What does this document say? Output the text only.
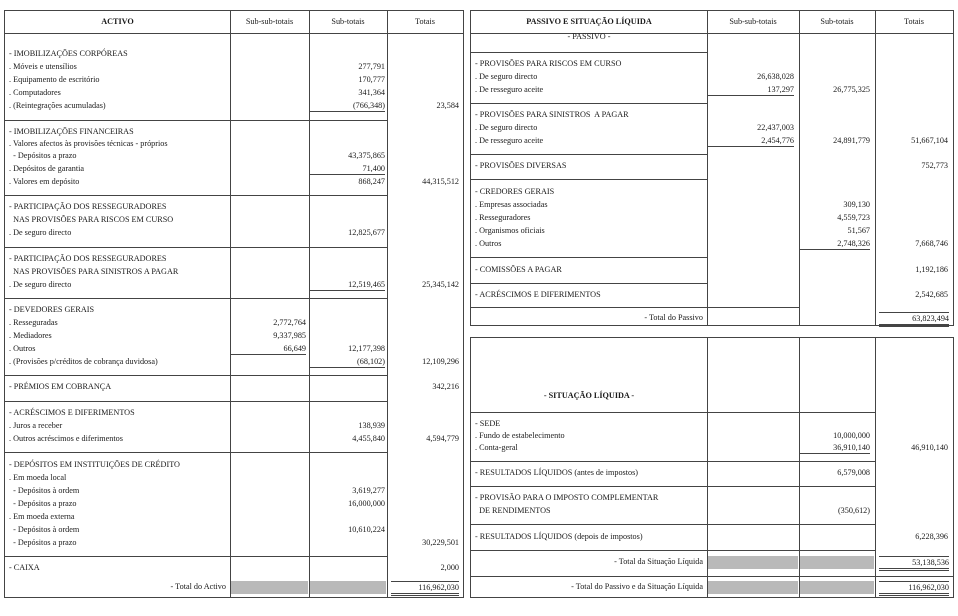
ACTIVO	Sub-sub-totais	Sub-totais	Totais
- IMOBILIZAÇÕES CORPÓREAS
. Móveis e utensílios	277,791
. Equipamento de escritório	170,777
. Computadores	341,364
. (Reintegrações acumuladas)	(766,348)	23,584
- IMOBILIZAÇÕES FINANCEIRAS
. Valores afectos às provisões técnicas - próprios
- Depósitos a prazo	43,375,865
. Depósitos de garantia	71,400
. Valores em depósito	868,247	44,315,512
- PARTICIPAÇÃO DOS RESSEGURADORES
NAS PROVISÕES PARA RISCOS EM CURSO
. De seguro directo	12,825,677
- PARTICIPAÇÃO DOS RESSEGURADORES
NAS PROVISÕES PARA SINISTROS A PAGAR
. De seguro directo	12,519,465	25,345,142
- DEVEDORES GERAIS
. Resseguradas	2,772,764
. Mediadores	9,337,985
. Outros	66,649	12,177,398
. (Provisões p/créditos de cobrança duvidosa)	(68,102)	12,109,296
- PRÉMIOS EM COBRANÇA	342,216
- ACRÉSCIMOS E DIFERIMENTOS
. Juros a receber	138,939
. Outros acréscimos e diferimentos	4,455,840	4,594,779
- DEPÓSITOS EM INSTITUIÇÕES DE CRÉDITO
. Em moeda local
- Depósitos à ordem	3,619,277
- Depósitos a prazo	16,000,000
. Em moeda externa
- Depósitos à ordem	10,610,224
- Depósitos a prazo	30,229,501
- CAIXA	2,000
- Total do Activo	116,962,030
PASSIVO E SITUAÇÃO LÍQUIDA	Sub-sub-totais	Sub-totais	Totais
- PASSIVO -
- PROVISÕES PARA RISCOS EM CURSO
. De seguro directo	26,638,028
. De resseguro aceite	137,297	26,775,325
- PROVISÕES PARA SINISTROS  A PAGAR
. De seguro directo	22,437,003
. De resseguro aceite	2,454,776	24,891,779	51,667,104
- PROVISÕES DIVERSAS	752,773
- CREDORES GERAIS
. Empresas associadas	309,130
. Resseguradores	4,559,723
. Organismos oficiais	51,567
. Outros	2,748,326	7,668,746
- COMISSÕES A PAGAR	1,192,186
- ACRÉSCIMOS E DIFERIMENTOS	2,542,685
- Total do Passivo	63,823,494
- SITUAÇÃO LÍQUIDA -
- SEDE
. Fundo de estabelecimento	10,000,000
. Conta-geral	36,910,140	46,910,140
- RESULTADOS LÍQUIDOS (antes de impostos)	6,579,008
- PROVISÃO PARA O IMPOSTO COMPLEMENTAR
DE RENDIMENTOS	(350,612)
- RESULTADOS LÍQUIDOS (depois de impostos)	6,228,396
- Total da Situação Líquida	53,138,536
- Total do Passivo e da Situação Líquida	116,962,030
